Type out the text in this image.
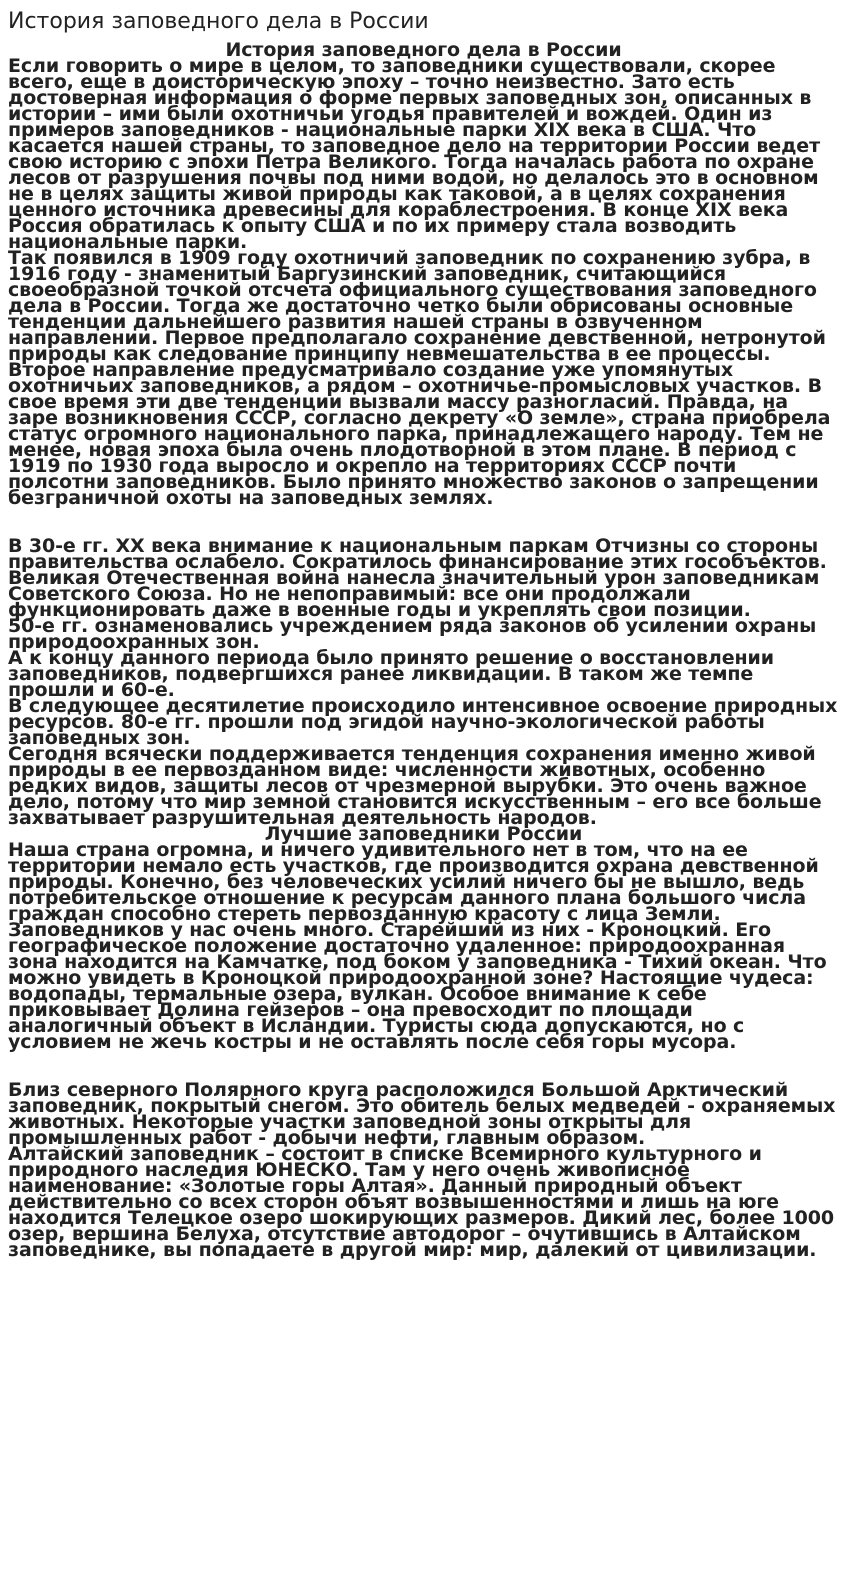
История заповедного дела в России
История заповедного дела в России

Если говорить о мире в целом, то заповедники существовали, скорее всего, еще в доисторическую эпоху – точно неизвестно. Зато есть достоверная информация о форме первых заповедных зон, описанных в истории – ими были охотничьи угодья правителей и вождей. Один из примеров заповедников - национальные парки XIX века в США. Что касается нашей страны, то заповедное дело на территории России ведет свою историю с эпохи Петра Великого. Тогда началась работа по охране лесов от разрушения почвы под ними водой, но делалось это в основном не в целях защиты живой природы как таковой, а в целях сохранения ценного источника древесины для кораблестроения. В конце XIX века Россия обратилась к опыту США и по их примеру стала возводить национальные парки.

Так появился в 1909 году охотничий заповедник по сохранению зубра, в 1916 году - знаменитый Баргузинский заповедник, считающийся своеобразной точкой отсчета официального существования заповедного дела в России. Тогда же достаточно четко были обрисованы основные тенденции дальнейшего развития нашей страны в озвученном направлении. Первое предполагало сохранение девственной, нетронутой природы как следование принципу невмешательства в ее процессы. Второе направление предусматривало создание уже упомянутых охотничьих заповедников, а рядом – охотничье-промысловых участков. В свое время эти две тенденции вызвали массу разногласий. Правда, на заре возникновения СССР, согласно декрету «О земле», страна приобрела статус огромного национального парка, принадлежащего народу. Тем не менее, новая эпоха была очень плодотворной в этом плане. В период с 1919 по 1930 года выросло и окрепло на территориях СССР почти полсотни заповедников. Было принято множество законов о запрещении безграничной охоты на заповедных землях.

В 30-е гг. XX века внимание к национальным паркам Отчизны со стороны правительства ослабело. Сократилось финансирование этих гособъектов. Великая Отечественная война нанесла значительный урон заповедникам Советского Союза. Но не непоправимый: все они продолжали функционировать даже в военные годы и укреплять свои позиции.

50-е гг. ознаменовались учреждением ряда законов об усилении охраны природоохранных зон.

А к концу данного периода было принято решение о восстановлении заповедников, подвергшихся ранее ликвидации. В таком же темпе прошли и 60-е.

В следующее десятилетие происходило интенсивное освоение природных ресурсов. 80-е гг. прошли под эгидой научно-экологической работы заповедных зон.

Сегодня всячески поддерживается тенденция сохранения именно живой природы в ее первозданном виде: численности животных, особенно редких видов, защиты лесов от чрезмерной вырубки. Это очень важное дело, потому что мир земной становится искусственным – его все больше захватывает разрушительная деятельность народов.

Лучшие заповедники России

Наша страна огромна, и ничего удивительного нет в том, что на ее территории немало есть участков, где производится охрана девственной природы. Конечно, без человеческих усилий ничего бы не вышло, ведь потребительское отношение к ресурсам данного плана большого числа граждан способно стереть первозданную красоту с лица Земли.

Заповедников у нас очень много. Старейший из них - Кроноцкий. Его географическое положение достаточно удаленное: природоохранная зона находится на Камчатке, под боком у заповедника - Тихий океан. Что можно увидеть в Кроноцкой природоохранной зоне? Настоящие чудеса: водопады, термальные озера, вулкан. Особое внимание к себе приковывает Долина гейзеров – она превосходит по площади аналогичный объект в Исландии. Туристы сюда допускаются, но с условием не жечь костры и не оставлять после себя горы мусора.

Близ северного Полярного круга расположился Большой Арктический заповедник, покрытый снегом. Это обитель белых медведей - охраняемых животных. Некоторые участки заповедной зоны открыты для промышленных работ - добычи нефти, главным образом.

Алтайский заповедник – состоит в списке Всемирного культурного и природного наследия ЮНЕСКО. Там у него очень живописное наименование: «Золотые горы Алтая». Данный природный объект действительно со всех сторон объят возвышенностями и лишь на юге находится Телецкое озеро шокирующих размеров. Дикий лес, более 1000 озер, вершина Белуха, отсутствие автодорог – очутившись в Алтайском заповеднике, вы попадаете в другой мир: мир, далекий от цивилизации.
